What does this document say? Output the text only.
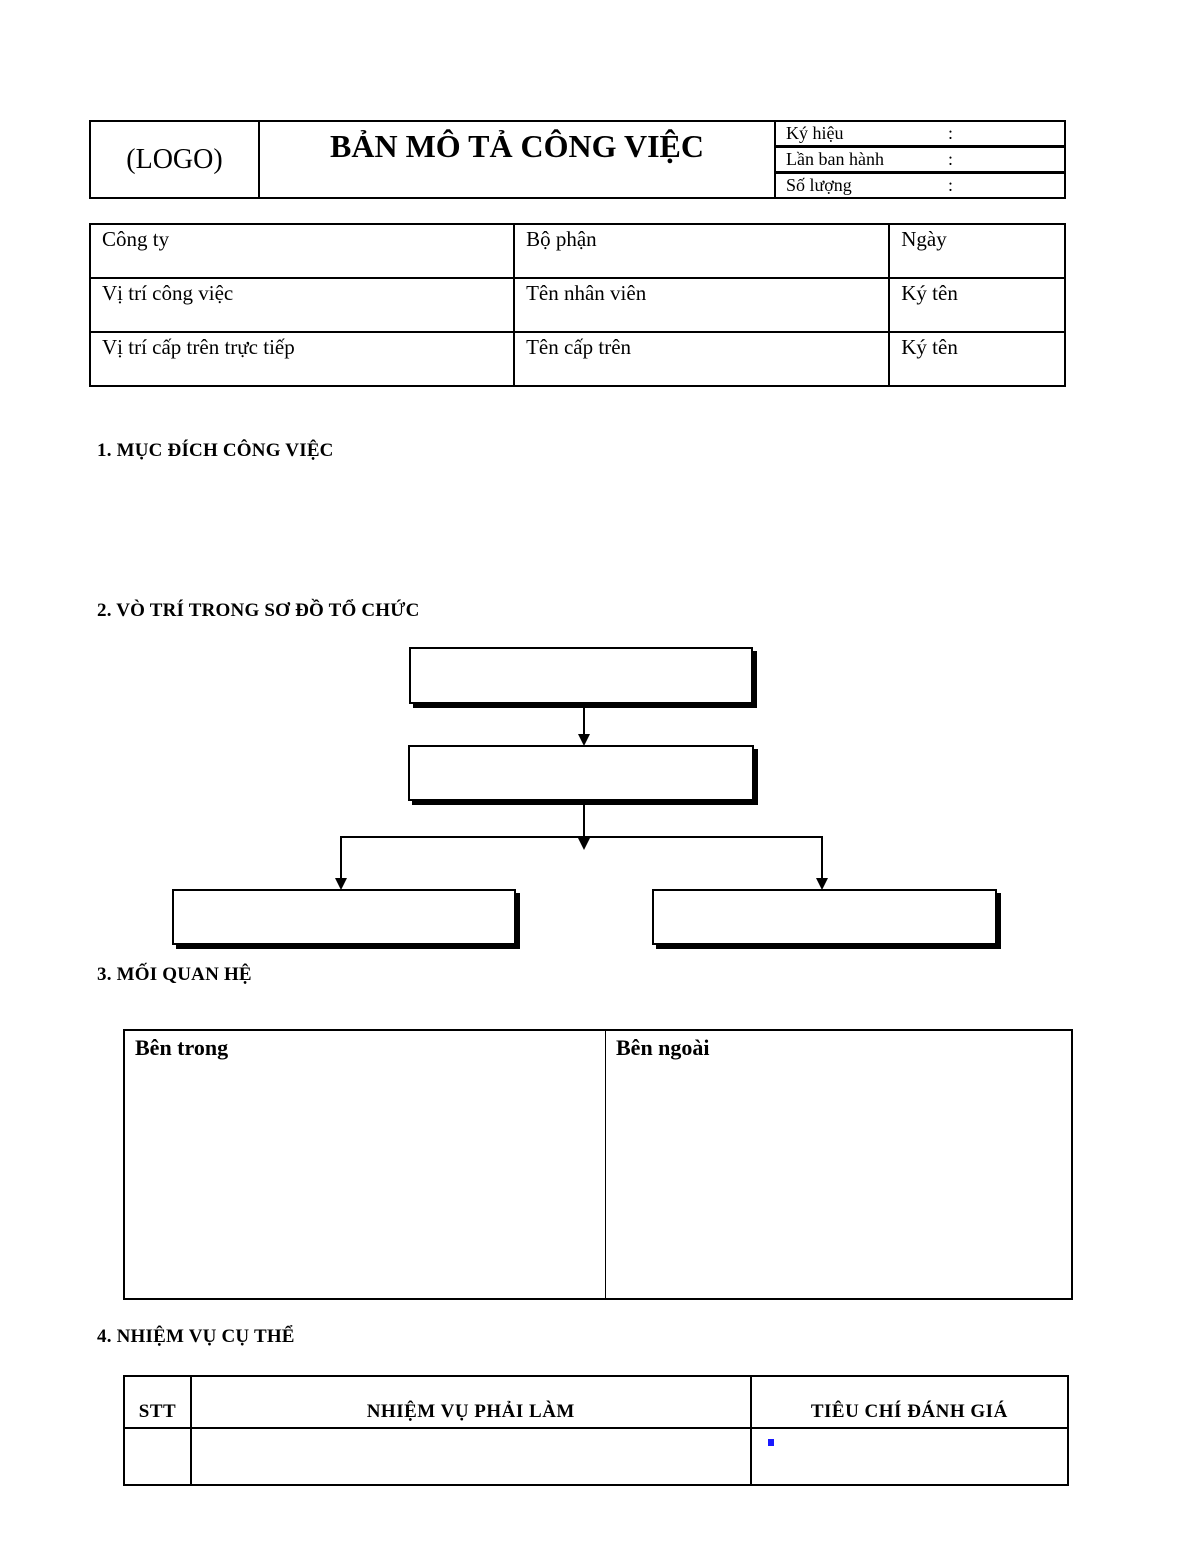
(LOGO)	BẢN MÔ TẢ CÔNG VIỆC	Ký hiệu	:
Lần ban hành	:
Số lượng	:
Công ty	Bộ phận	Ngày
Vị trí công việc	Tên nhân viên	Ký tên
Vị trí cấp trên trực tiếp	Tên cấp trên	Ký tên
1. MỤC ĐÍCH CÔNG VIỆC
2. VÒ TRÍ TRONG SƠ ĐỒ TỔ CHỨC
3. MỐI QUAN HỆ
Bên trong	Bên ngoài
4. NHIỆM VỤ CỤ THỂ
STT	NHIỆM VỤ PHẢI LÀM	TIÊU CHÍ ĐÁNH GIÁ
